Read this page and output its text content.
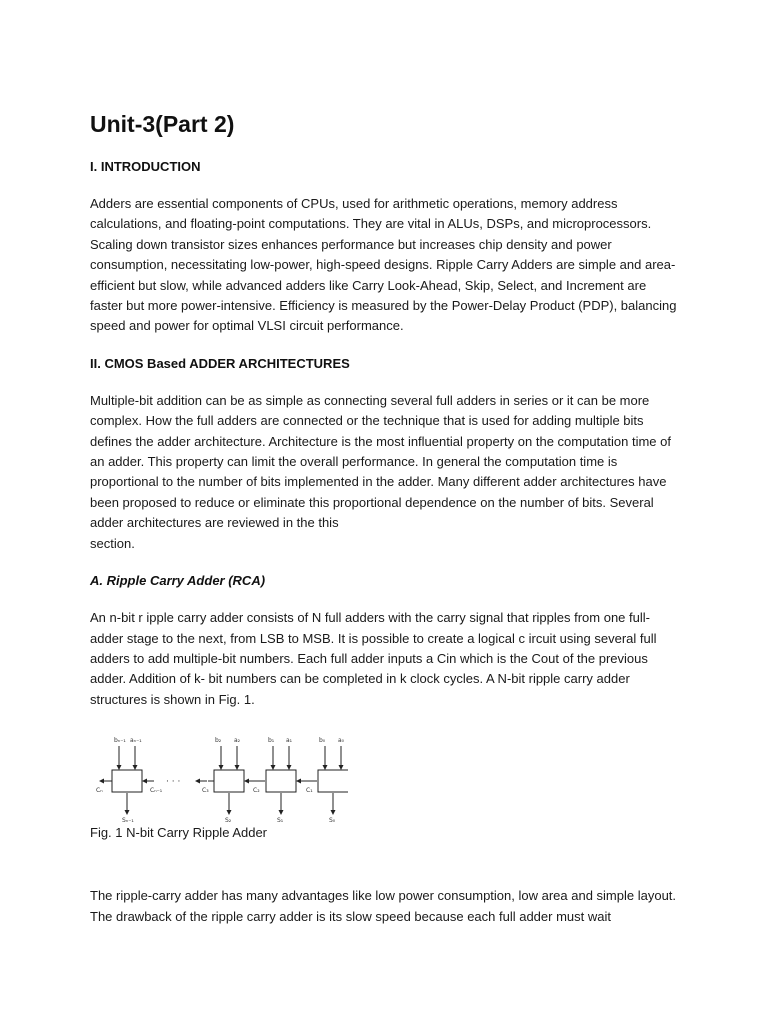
Unit-3(Part 2)
I. INTRODUCTION

Adders are essential components of CPUs, used for arithmetic operations, memory address calculations, and floating-point computations. They are vital in ALUs, DSPs, and microprocessors. Scaling down transistor sizes enhances performance but increases chip density and power consumption, necessitating low-power, high-speed designs. Ripple Carry Adders are simple and area-efficient but slow, while advanced adders like Carry Look-Ahead, Skip, Select, and Increment are faster but more power-intensive. Efficiency is measured by the Power-Delay Product (PDP), balancing speed and power for optimal VLSI circuit performance.

II. CMOS Based ADDER ARCHITECTURES

Multiple-bit addition can be as simple as connecting several full adders in series or it can be more complex. How the full adders are connected or the technique that is used for adding multiple bits defines the adder architecture. Architecture is the most influential property on the computation time of an adder. This property can limit the overall performance. In general the computation time is proportional to the number of bits implemented in the adder. Many different adder architectures have been proposed to reduce or eliminate this proportional dependence on the number of bits. Several adder architectures are reviewed in the this

section.

A. Ripple Carry Adder (RCA)

An n-bit r ipple carry adder consists of N full adders with the carry signal that ripples from one full-adder stage to the next, from LSB to MSB. It is possible to create a logical c ircuit using several full adders to add multiple-bit numbers. Each full adder inputs a Cin which is the Cout of the previous adder. Addition of k- bit numbers can be completed in k clock cycles. A N-bit ripple carry adder structures is shown in Fig. 1.

bₙ₋₁ aₙ₋₁
Cₙ	Cₙ₋₁
Sₙ₋₁
· · ·
b₂ a₂
C₃	C₂
S₂
b₁ a₁
C₁
S₁
b₀ a₀
S₀

Fig. 1 N-bit Carry Ripple Adder

The ripple-carry adder has many advantages like low power consumption, low area and simple layout. The drawback of the ripple carry adder is its slow speed because each full adder must wait
